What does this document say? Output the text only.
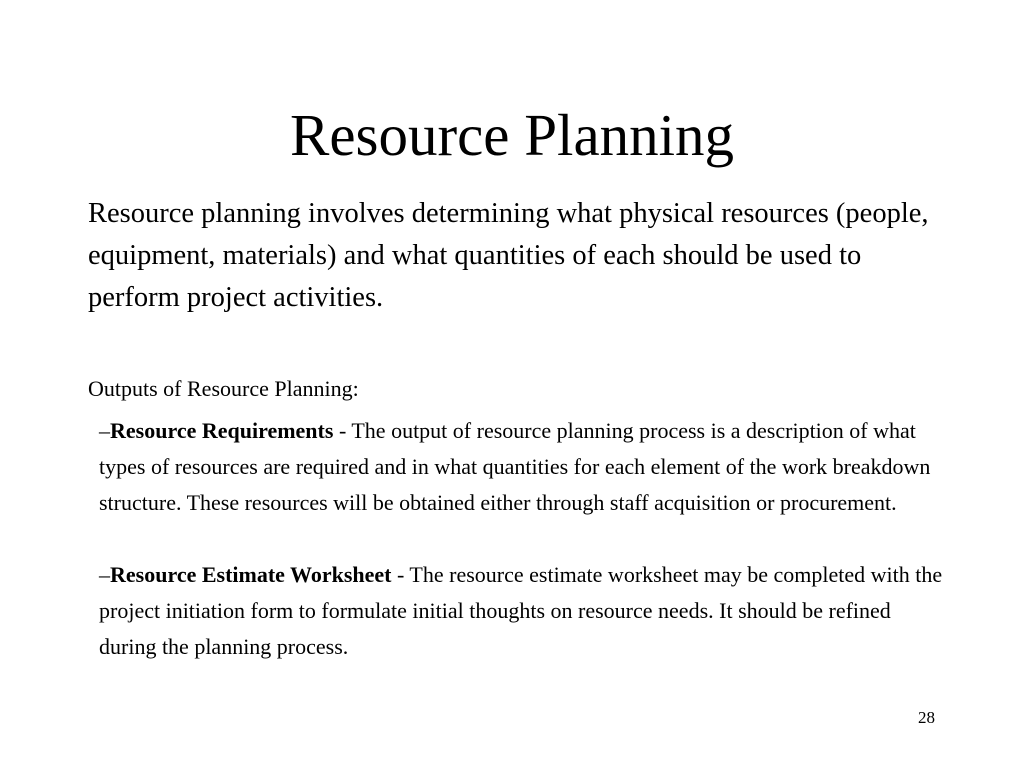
Resource Planning

Resource planning involves determining what physical resources (people, equipment, materials) and what quantities of each should be used to perform project activities.

Outputs of Resource Planning:

–Resource Requirements - The output of resource planning process is a description of what types of resources are required and in what quantities for each element of the work breakdown structure. These resources will be obtained either through staff acquisition or procurement.

–Resource Estimate Worksheet - The resource estimate worksheet may be completed with the project initiation form to formulate initial thoughts on resource needs. It should be refined during the planning process.

28
